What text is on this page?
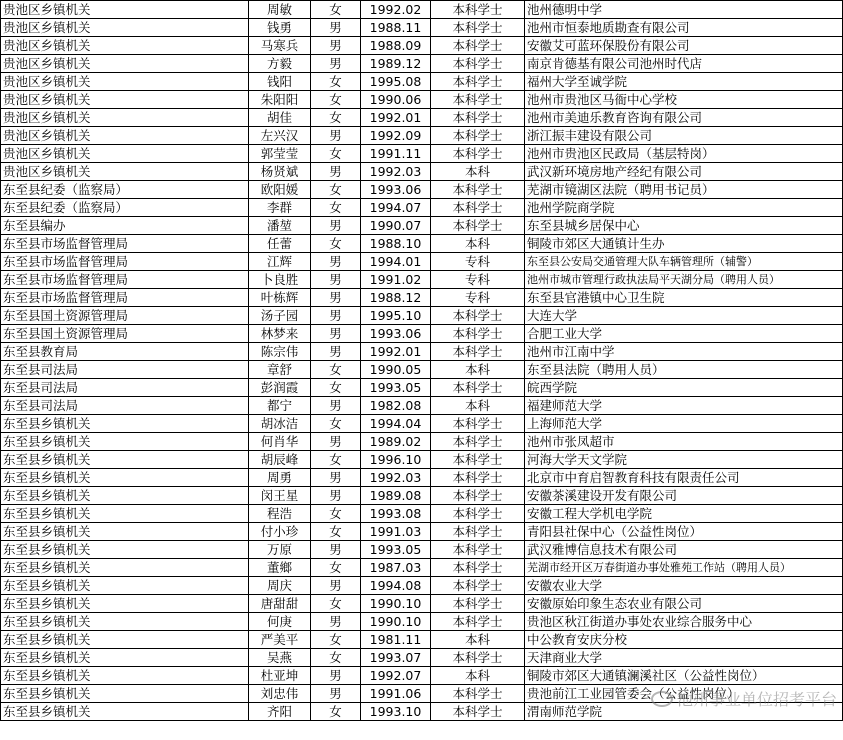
贵池区乡镇机关	周敏	女	1992.02	本科学士	池州德明中学
贵池区乡镇机关	钱勇	男	1988.11	本科学士	池州市恒泰地质勘查有限公司
贵池区乡镇机关	马寒兵	男	1988.09	本科学士	安徽艾可蓝环保股份有限公司
贵池区乡镇机关	方毅	男	1989.12	本科学士	南京肯德基有限公司池州时代店
贵池区乡镇机关	钱阳	女	1995.08	本科学士	福州大学至诚学院
贵池区乡镇机关	朱阳阳	女	1990.06	本科学士	池州市贵池区马衙中心学校
贵池区乡镇机关	胡佳	女	1992.01	本科学士	池州市美迪乐教育咨询有限公司
贵池区乡镇机关	左兴汉	男	1992.09	本科学士	浙江振丰建设有限公司
贵池区乡镇机关	郭莹莹	女	1991.11	本科学士	池州市贵池区民政局（基层特岗）
贵池区乡镇机关	杨贤斌	男	1992.03	本科	武汉新环境房地产经纪有限公司
东至县纪委（监察局）	欧阳媛	女	1993.06	本科学士	芜湖市镜湖区法院（聘用书记员）
东至县纪委（监察局）	李群	女	1994.07	本科学士	池州学院商学院
东至县编办	潘堃	男	1990.07	本科学士	东至县城乡居保中心
东至县市场监督管理局	任蕾	女	1988.10	本科	铜陵市郊区大通镇计生办
东至县市场监督管理局	江辉	男	1994.01	专科	东至县公安局交通管理大队车辆管理所（辅警）
东至县市场监督管理局	卜良胜	男	1991.02	专科	池州市城市管理行政执法局平天湖分局（聘用人员）
东至县市场监督管理局	叶栋辉	男	1988.12	专科	东至县官港镇中心卫生院
东至县国土资源管理局	汤子园	男	1995.10	本科学士	大连大学
东至县国土资源管理局	林梦来	男	1993.06	本科学士	合肥工业大学
东至县教育局	陈宗伟	男	1992.01	本科学士	池州市江南中学
东至县司法局	章舒	女	1990.05	本科	东至县法院（聘用人员）
东至县司法局	彭润霞	女	1993.05	本科学士	皖西学院
东至县司法局	都宁	男	1982.08	本科	福建师范大学
东至县乡镇机关	胡冰洁	女	1994.04	本科学士	上海师范大学
东至县乡镇机关	何肖华	男	1989.02	本科学士	池州市张凤超市
东至县乡镇机关	胡辰峰	女	1996.10	本科学士	河海大学天文学院
东至县乡镇机关	周勇	男	1992.03	本科学士	北京市中育启智教育科技有限责任公司
东至县乡镇机关	闵王星	男	1989.08	本科学士	安徽茶溪建设开发有限公司
东至县乡镇机关	程浩	女	1993.08	本科学士	安徽工程大学机电学院
东至县乡镇机关	付小珍	女	1991.03	本科学士	青阳县社保中心（公益性岗位）
东至县乡镇机关	万原	男	1993.05	本科学士	武汉雅博信息技术有限公司
东至县乡镇机关	董鄉	女	1987.03	本科学士	芜湖市经开区万春街道办事处雅苑工作站（聘用人员）
东至县乡镇机关	周庆	男	1994.08	本科学士	安徽农业大学
东至县乡镇机关	唐甜甜	女	1990.10	本科学士	安徽原始印象生态农业有限公司
东至县乡镇机关	何庚	男	1990.10	本科学士	贵池区秋江街道办事处农业综合服务中心
东至县乡镇机关	严美平	女	1981.11	本科	中公教育安庆分校
东至县乡镇机关	吴燕	女	1993.07	本科学士	天津商业大学
东至县乡镇机关	杜亚坤	男	1992.07	本科	铜陵市郊区大通镇澜溪社区（公益性岗位）
东至县乡镇机关	刘忠伟	男	1991.06	本科学士	贵池前江工业园管委会（公益性岗位）
东至县乡镇机关	齐阳	女	1993.10	本科学士	渭南师范学院
池州事业单位招考平台
